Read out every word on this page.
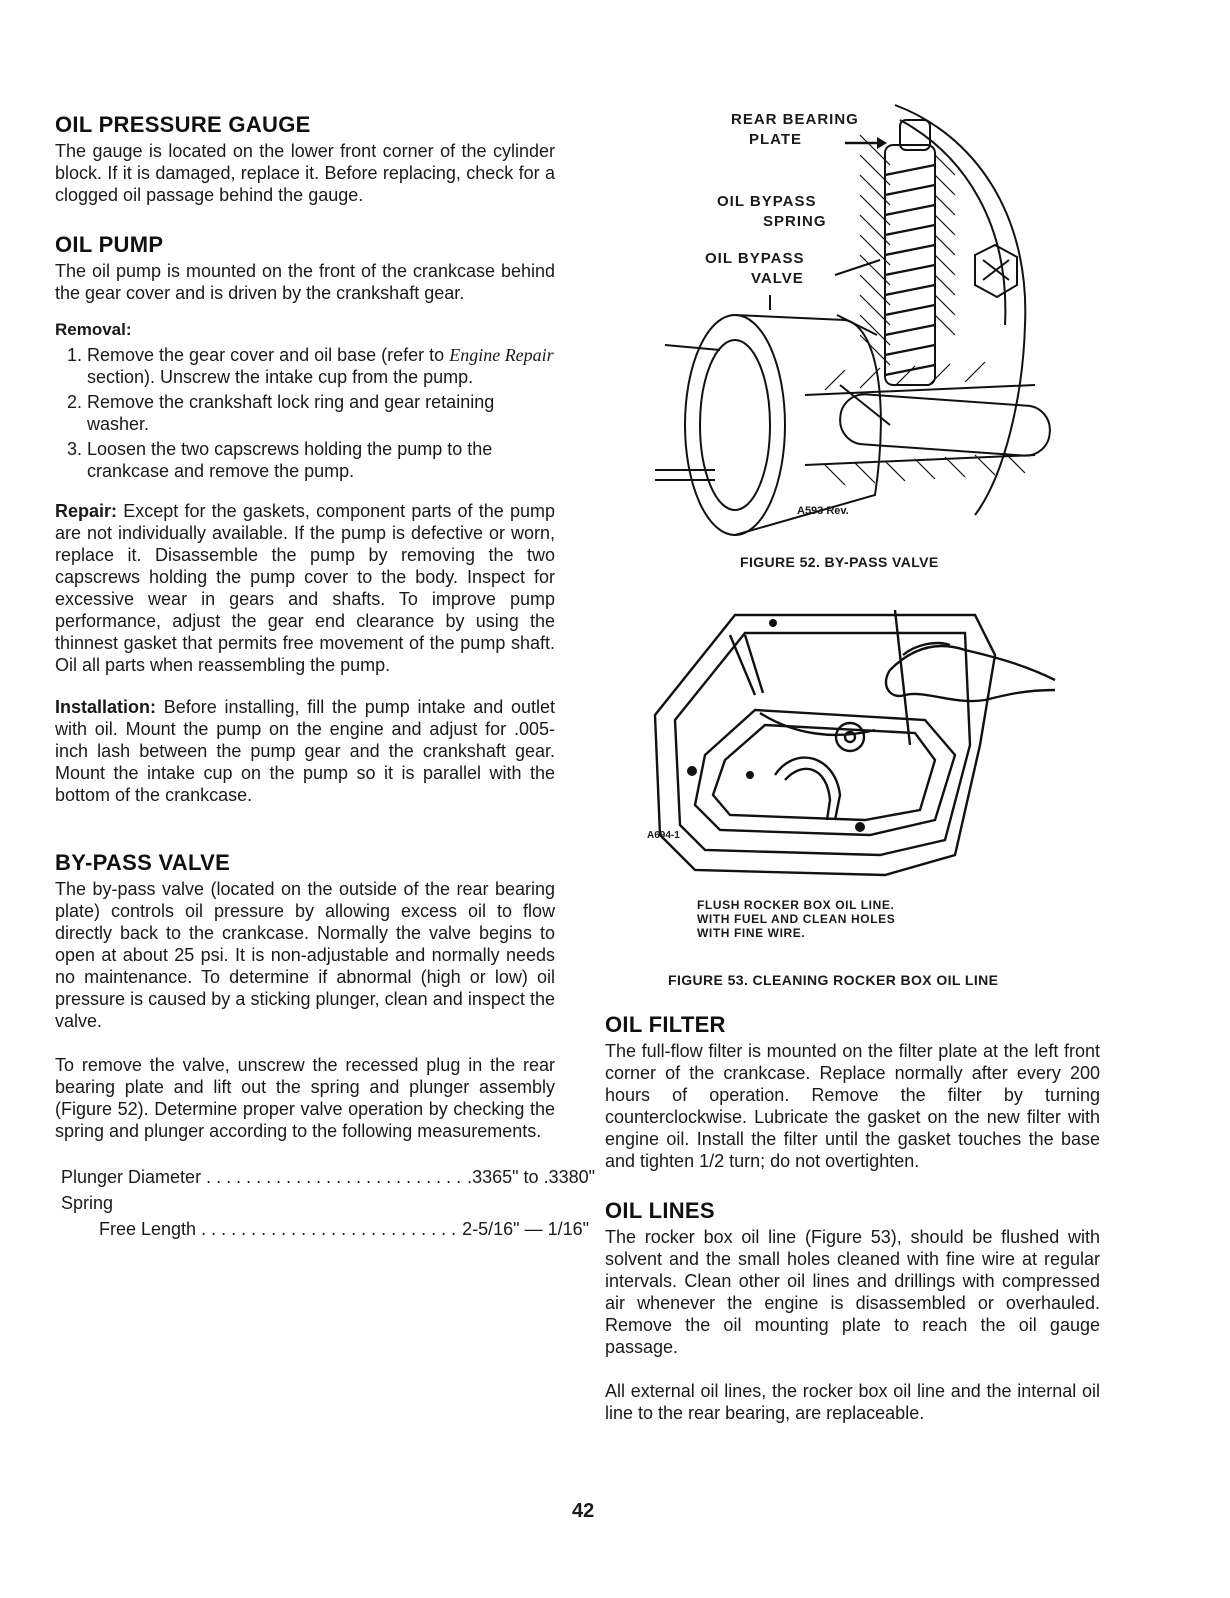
OIL PRESSURE GAUGE

The gauge is located on the lower front corner of the cylinder block. If it is damaged, replace it. Before replacing, check for a clogged oil passage behind the gauge.

OIL PUMP

The oil pump is mounted on the front of the crankcase behind the gear cover and is driven by the crankshaft gear.

Removal:
1. Remove the gear cover and oil base (refer to Engine Repair section). Unscrew the intake cup from the pump.
2. Remove the crankshaft lock ring and gear retaining washer.
3. Loosen the two capscrews holding the pump to the crankcase and remove the pump.

Repair: Except for the gaskets, component parts of the pump are not individually available. If the pump is defective or worn, replace it. Disassemble the pump by removing the two capscrews holding the pump cover to the body. Inspect for excessive wear in gears and shafts. To improve pump performance, adjust the gear end clearance by using the thinnest gasket that permits free movement of the pump shaft. Oil all parts when reassembling the pump.

Installation: Before installing, fill the pump intake and outlet with oil. Mount the pump on the engine and adjust for .005-inch lash between the pump gear and the crankshaft gear. Mount the intake cup on the pump so it is parallel with the bottom of the crankcase.

BY-PASS VALVE

The by-pass valve (located on the outside of the rear bearing plate) controls oil pressure by allowing excess oil to flow directly back to the crankcase. Normally the valve begins to open at about 25 psi. It is non-adjustable and normally needs no maintenance. To determine if abnormal (high or low) oil pressure is caused by a sticking plunger, clean and inspect the valve.

To remove the valve, unscrew the recessed plug in the rear bearing plate and lift out the spring and plunger assembly (Figure 52). Determine proper valve operation by checking the spring and plunger according to the following measurements.

Plunger Diameter . . . . . . . . . . . . . . . . . . . . . . . . . . .3365" to .3380"
Spring
Free Length . . . . . . . . . . . . . . . . . . . . . . . . . . 2-5/16" — 1/16"
REAR BEARING
PLATE
OIL BYPASS
SPRING
OIL BYPASS
VALVE
A593 Rev.
FIGURE 52. BY-PASS VALVE
A694-1
FLUSH ROCKER BOX OIL LINE.
WITH FUEL AND CLEAN HOLES
WITH FINE WIRE.
FIGURE 53. CLEANING ROCKER BOX OIL LINE
OIL FILTER

The full-flow filter is mounted on the filter plate at the left front corner of the crankcase. Replace normally after every 200 hours of operation. Remove the filter by turning counterclockwise. Lubricate the gasket on the new filter with engine oil. Install the filter until the gasket touches the base and tighten 1/2 turn; do not overtighten.

OIL LINES

The rocker box oil line (Figure 53), should be flushed with solvent and the small holes cleaned with fine wire at regular intervals. Clean other oil lines and drillings with compressed air whenever the engine is disassembled or overhauled. Remove the oil mounting plate to reach the oil gauge passage.

All external oil lines, the rocker box oil line and the internal oil line to the rear bearing, are replaceable.

42
